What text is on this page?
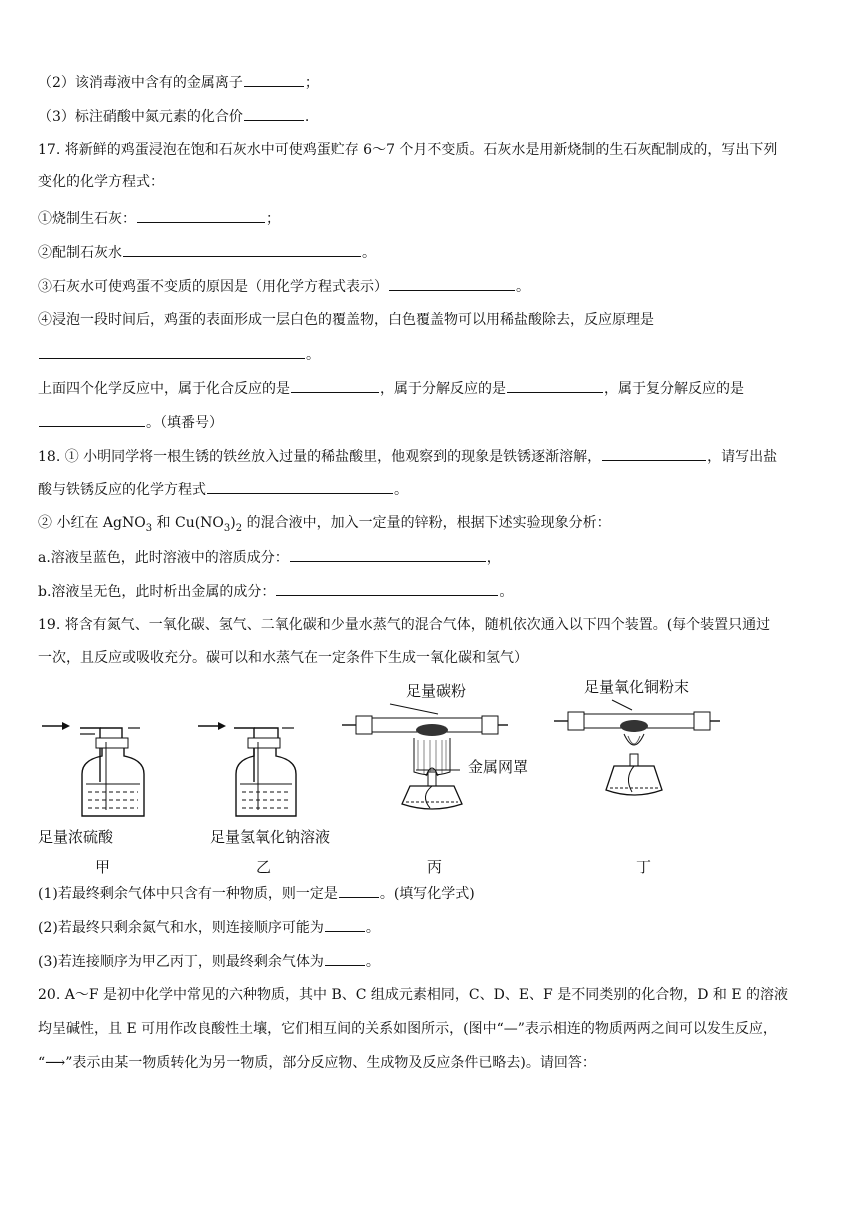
（2）该消毒液中含有的金属离子	；
（3）标注硝酸中氮元素的化合价	.
17. 将新鲜的鸡蛋浸泡在饱和石灰水中可使鸡蛋贮存 6～7 个月不变质。石灰水是用新烧制的生石灰配制成的，写出下列
变化的化学方程式：
①烧制生石灰：	；
②配制石灰水	。
③石灰水可使鸡蛋不变质的原因是（用化学方程式表示）	。
④浸泡一段时间后，鸡蛋的表面形成一层白色的覆盖物，白色覆盖物可以用稀盐酸除去，反应原理是
。
上面四个化学反应中，属于化合反应的是	，属于分解反应的是	，属于复分解反应的是
。（填番号）
18. ① 小明同学将一根生锈的铁丝放入过量的稀盐酸里，他观察到的现象是铁锈逐渐溶解，	，请写出盐
酸与铁锈反应的化学方程式	。
② 小红在 AgNO$_3$ 和 $Cu(NO_3)_2$ 的混合液中，加入一定量的锌粉，根据下述实验现象分析：
a.溶液呈蓝色，此时溶液中的溶质成分：	，
b.溶液呈无色，此时析出金属的成分：	。
19. 将含有氮气、一氧化碳、氢气、二氧化碳和少量水蒸气的混合气体，随机依次通入以下四个装置。(每个装置只通过
一次，且反应或吸收充分。碳可以和水蒸气在一定条件下生成一氧化碳和氢气）
足量浓硫酸
甲
足量氢氧化钠溶液
乙
足量碳粉
金属网罩
丙
足量氧化铜粉末
丁
(1)若最终剩余气体中只含有一种物质，则一定是	。(填写化学式)
(2)若最终只剩余氮气和水，则连接顺序可能为	。
(3)若连接顺序为甲乙丙丁，则最终剩余气体为	。
20. A～F 是初中化学中常见的六种物质，其中 B、C 组成元素相同，C、D、E、F 是不同类别的化合物，D 和 E 的溶液
均呈碱性，且 E 可用作改良酸性土壤，它们相互间的关系如图所示，(图中“—”表示相连的物质两两之间可以发生反应，
“⟶”表示由某一物质转化为另一物质，部分反应物、生成物及反应条件已略去)。请回答：
